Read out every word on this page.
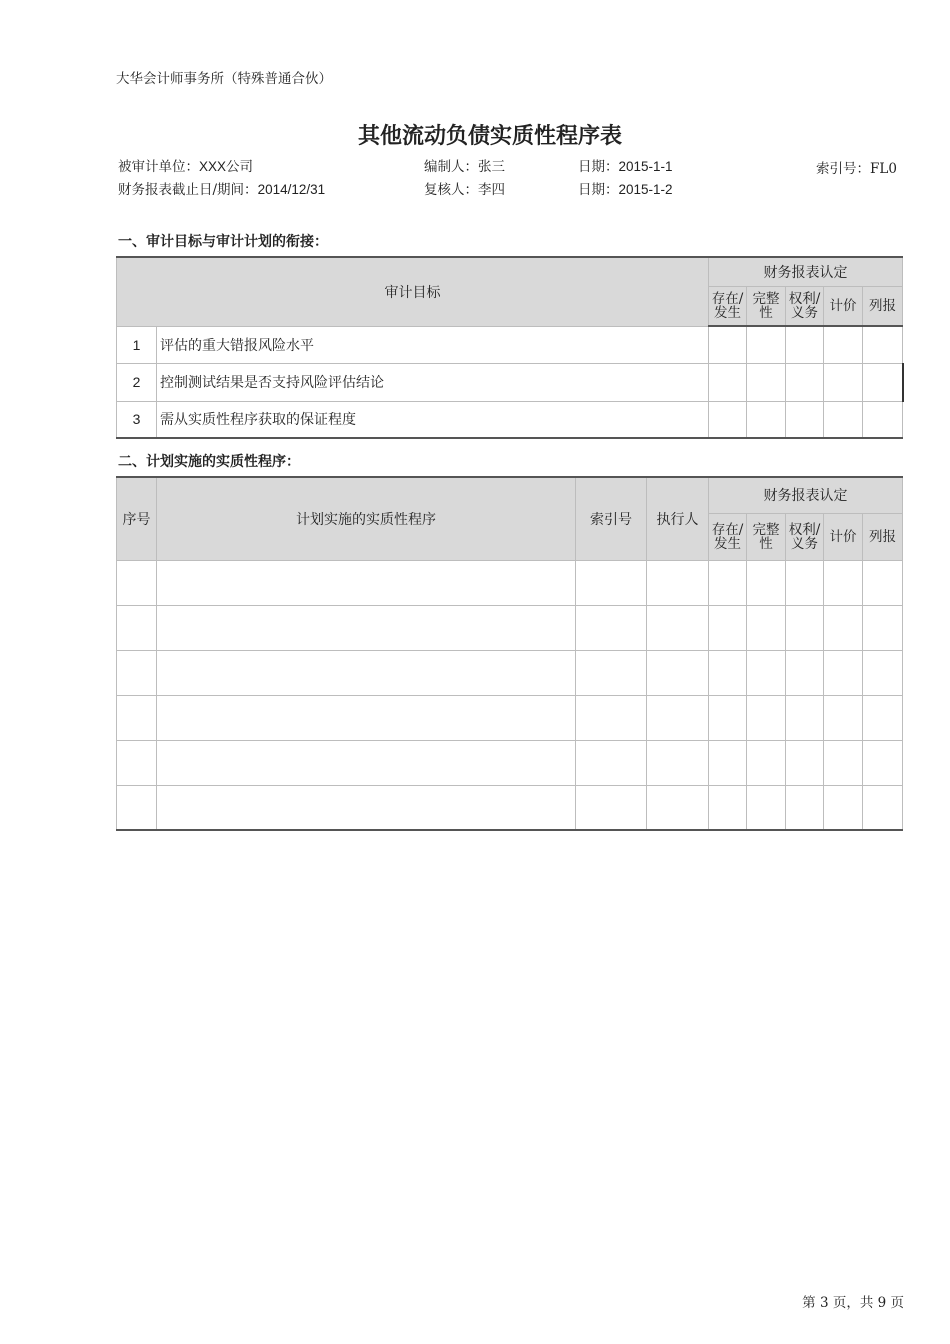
大华会计师事务所（特殊普通合伙）
其他流动负债实质性程序表
被审计单位：XXX公司	编制人：张三	日期：2015-1-1	索引号：FL0
财务报表截止日/期间：2014/12/31	复核人：李四	日期：2015-1-2
一、审计目标与审计计划的衔接：
审计目标		财务报表认定				
		存在/发生	完整性	权利/义务	计价	列报
1	评估的重大错报风险水平					
2	控制测试结果是否支持风险评估结论					
3	需从实质性程序获取的保证程度					
二、计划实施的实质性程序：
序号	计划实施的实质性程序	索引号	执行人	财务报表认定				
				存在/发生	完整性	权利/义务	计价	列报

第 3 页，共 9 页
